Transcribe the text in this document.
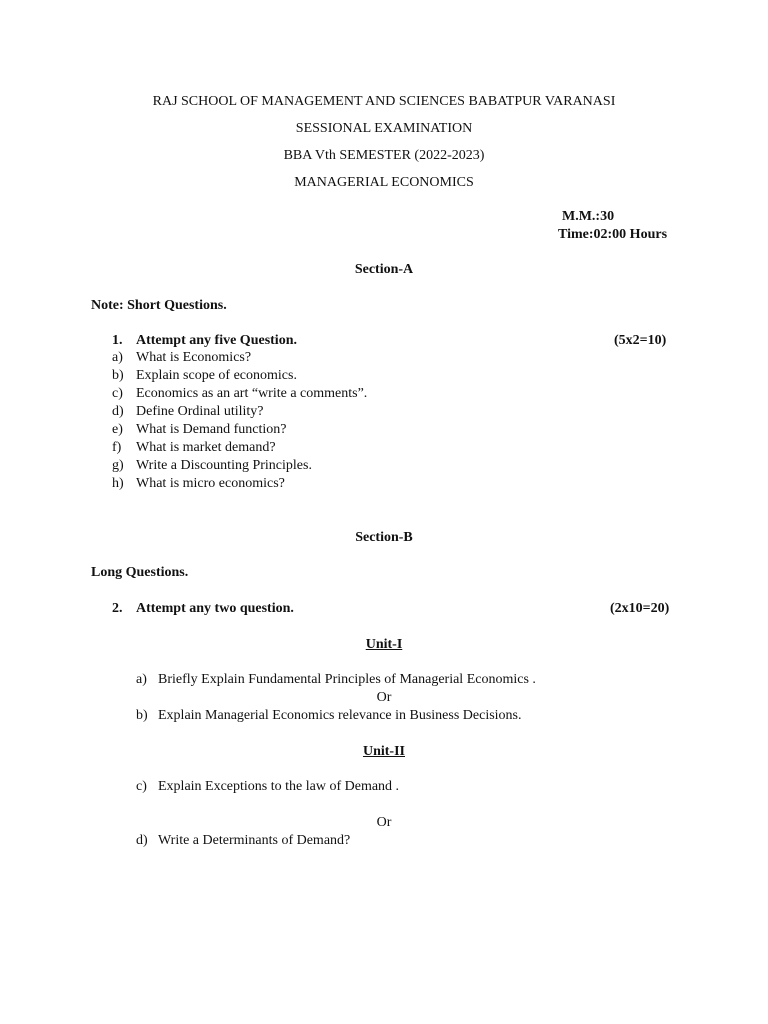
RAJ SCHOOL OF MANAGEMENT AND SCIENCES BABATPUR VARANASI
SESSIONAL EXAMINATION
BBA Vth SEMESTER (2022-2023)
MANAGERIAL ECONOMICS
M.M.:30
Time:02:00 Hours
Section-A
Note: Short Questions.
1. Attempt any five Question.	(5x2=10)
a) What is Economics?
b) Explain scope of economics.
c) Economics as an art “write a comments”.
d) Define Ordinal utility?
e) What is Demand function?
f) What is market demand?
g) Write a Discounting Principles.
h) What is micro economics?
Section-B
Long Questions.
2. Attempt any two question.	(2x10=20)
Unit-I
a) Briefly Explain Fundamental Principles of Managerial Economics .
Or
b) Explain Managerial Economics relevance in Business Decisions.
Unit-II
c) Explain Exceptions to the law of Demand .
Or
d) Write a Determinants of Demand?
